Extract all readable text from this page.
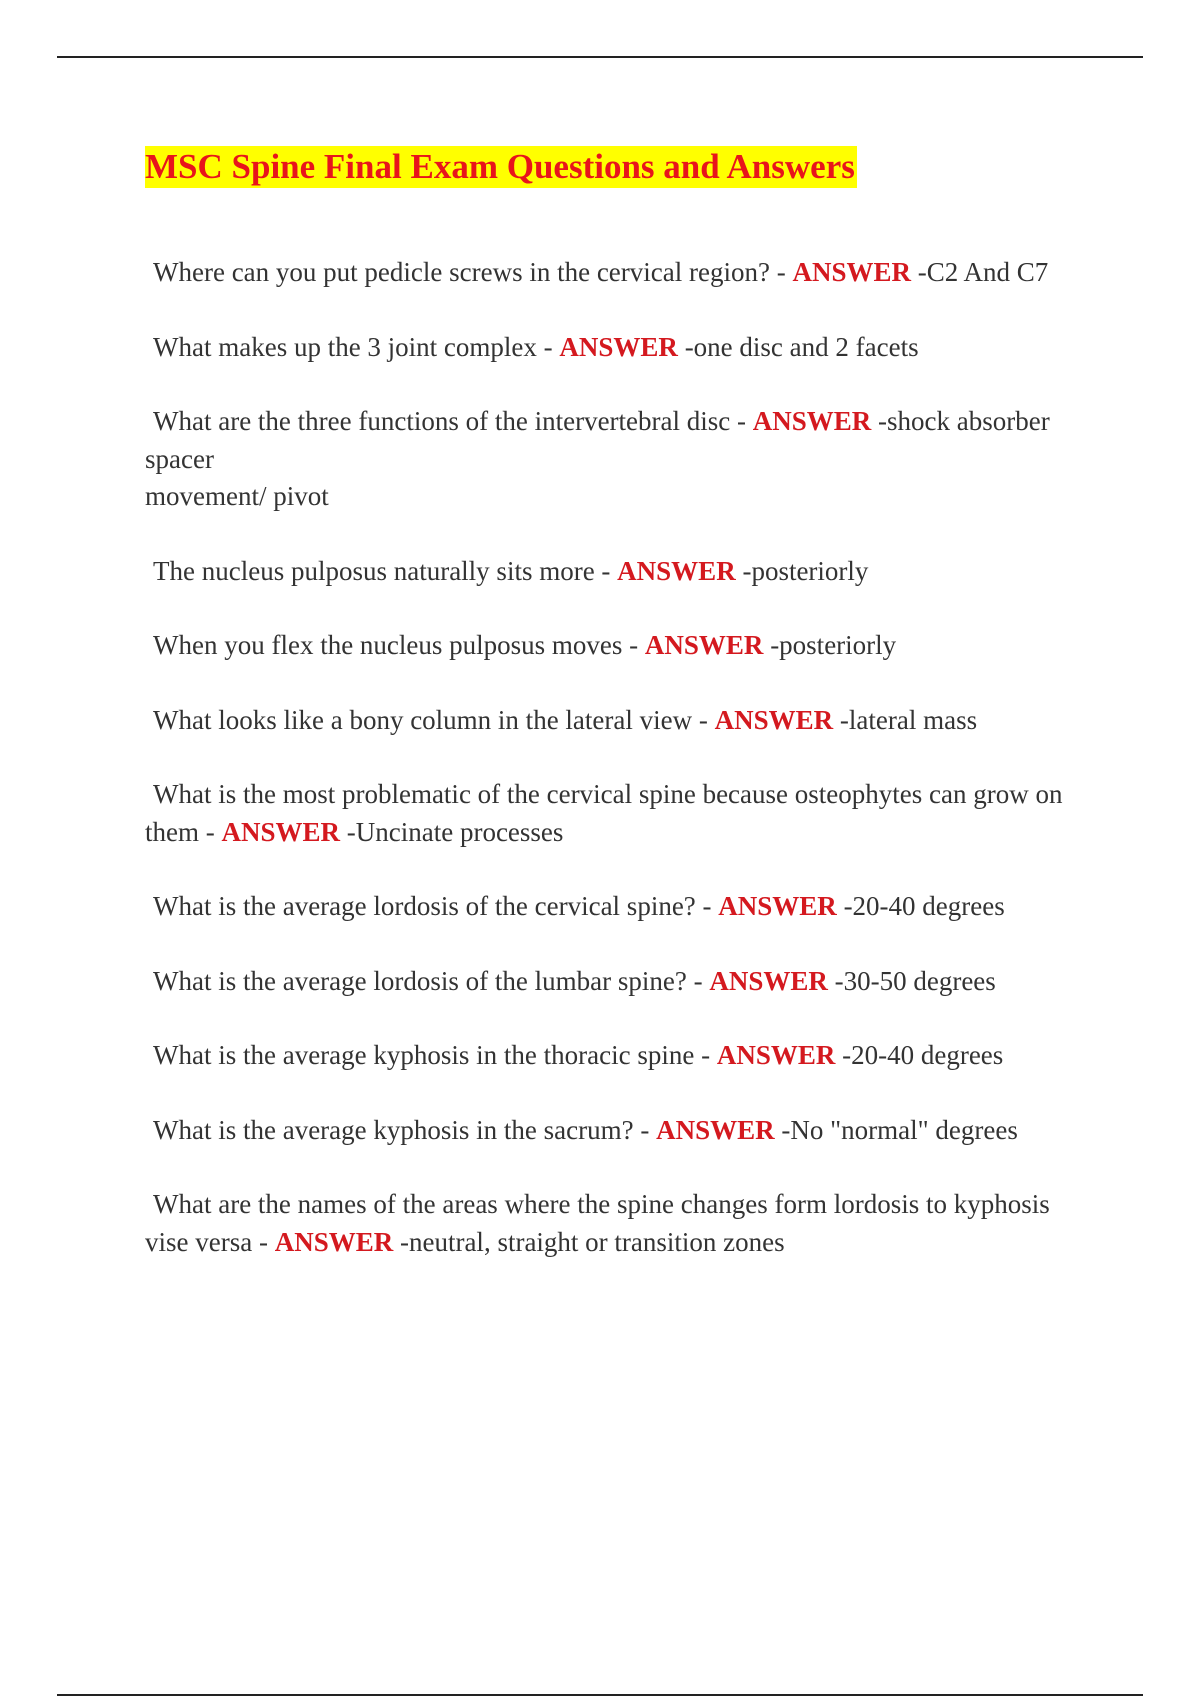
MSC Spine Final Exam Questions and Answers

Where can you put pedicle screws in the cervical region? - ANSWER -C2 And C7

What makes up the 3 joint complex - ANSWER -one disc and 2 facets

What are the three functions of the intervertebral disc - ANSWER -shock absorber
spacer
movement/ pivot

The nucleus pulposus naturally sits more - ANSWER -posteriorly

When you flex the nucleus pulposus moves - ANSWER -posteriorly

What looks like a bony column in the lateral view - ANSWER -lateral mass

What is the most problematic of the cervical spine because osteophytes can grow on them - ANSWER -Uncinate processes

What is the average lordosis of the cervical spine? - ANSWER -20-40 degrees

What is the average lordosis of the lumbar spine? - ANSWER -30-50 degrees

What is the average kyphosis in the thoracic spine - ANSWER -20-40 degrees

What is the average kyphosis in the sacrum? - ANSWER -No "normal" degrees

What are the names of the areas where the spine changes form lordosis to kyphosis vise versa - ANSWER -neutral, straight or transition zones
